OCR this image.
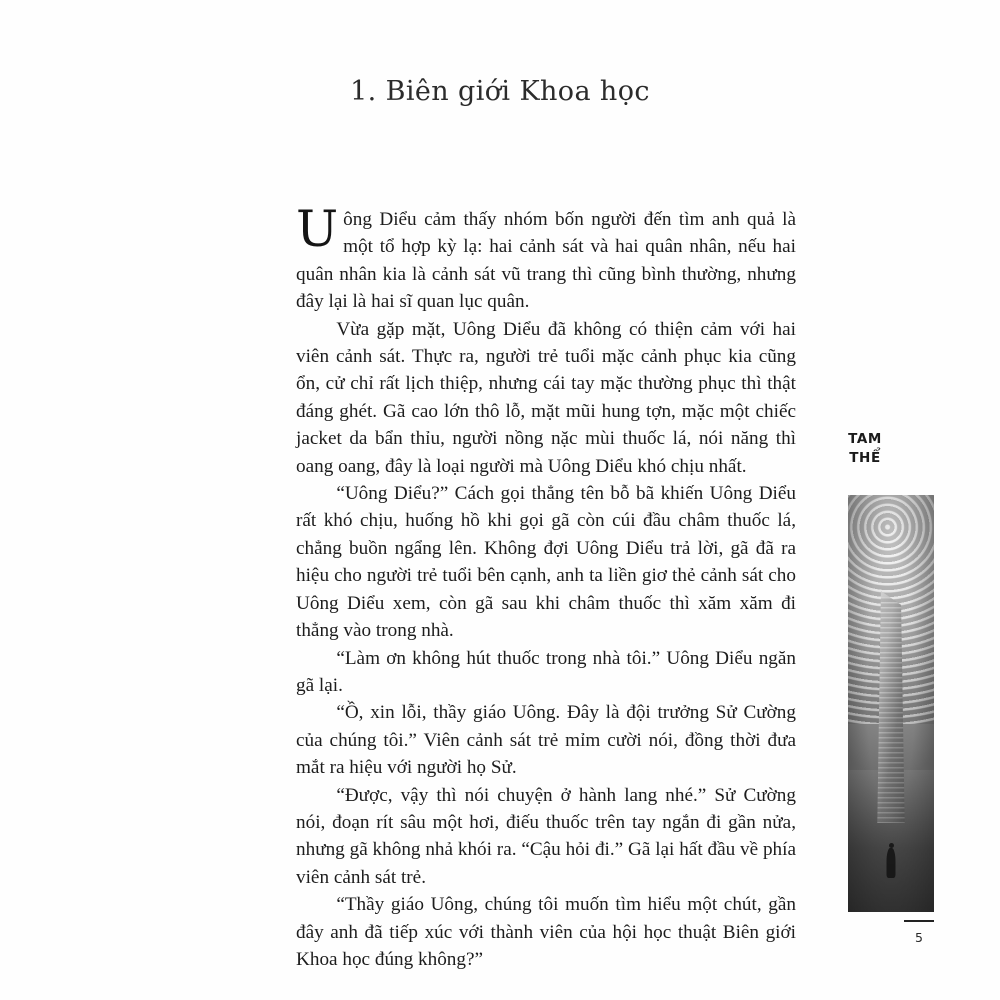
1. Biên giới Khoa học

Uông Diểu cảm thấy nhóm bốn người đến tìm anh quả là một tổ hợp kỳ lạ: hai cảnh sát và hai quân nhân, nếu hai quân nhân kia là cảnh sát vũ trang thì cũng bình thường, nhưng đây lại là hai sĩ quan lục quân.

Vừa gặp mặt, Uông Diểu đã không có thiện cảm với hai viên cảnh sát. Thực ra, người trẻ tuổi mặc cảnh phục kia cũng ổn, cử chỉ rất lịch thiệp, nhưng cái tay mặc thường phục thì thật đáng ghét. Gã cao lớn thô lỗ, mặt mũi hung tợn, mặc một chiếc jacket da bẩn thỉu, người nồng nặc mùi thuốc lá, nói năng thì oang oang, đây là loại người mà Uông Diểu khó chịu nhất.

“Uông Diểu?” Cách gọi thẳng tên bỗ bã khiến Uông Diểu rất khó chịu, huống hồ khi gọi gã còn cúi đầu châm thuốc lá, chẳng buồn ngẩng lên. Không đợi Uông Diểu trả lời, gã đã ra hiệu cho người trẻ tuổi bên cạnh, anh ta liền giơ thẻ cảnh sát cho Uông Diểu xem, còn gã sau khi châm thuốc thì xăm xăm đi thẳng vào trong nhà.

“Làm ơn không hút thuốc trong nhà tôi.” Uông Diểu ngăn gã lại.

“Ồ, xin lỗi, thầy giáo Uông. Đây là đội trưởng Sử Cường của chúng tôi.” Viên cảnh sát trẻ mỉm cười nói, đồng thời đưa mắt ra hiệu với người họ Sử.

“Được, vậy thì nói chuyện ở hành lang nhé.” Sử Cường nói, đoạn rít sâu một hơi, điếu thuốc trên tay ngắn đi gần nửa, nhưng gã không nhả khói ra. “Cậu hỏi đi.” Gã lại hất đầu về phía viên cảnh sát trẻ.

“Thầy giáo Uông, chúng tôi muốn tìm hiểu một chút, gần đây anh đã tiếp xúc với thành viên của hội học thuật Biên giới Khoa học đúng không?”

TAM
THỂ
5
